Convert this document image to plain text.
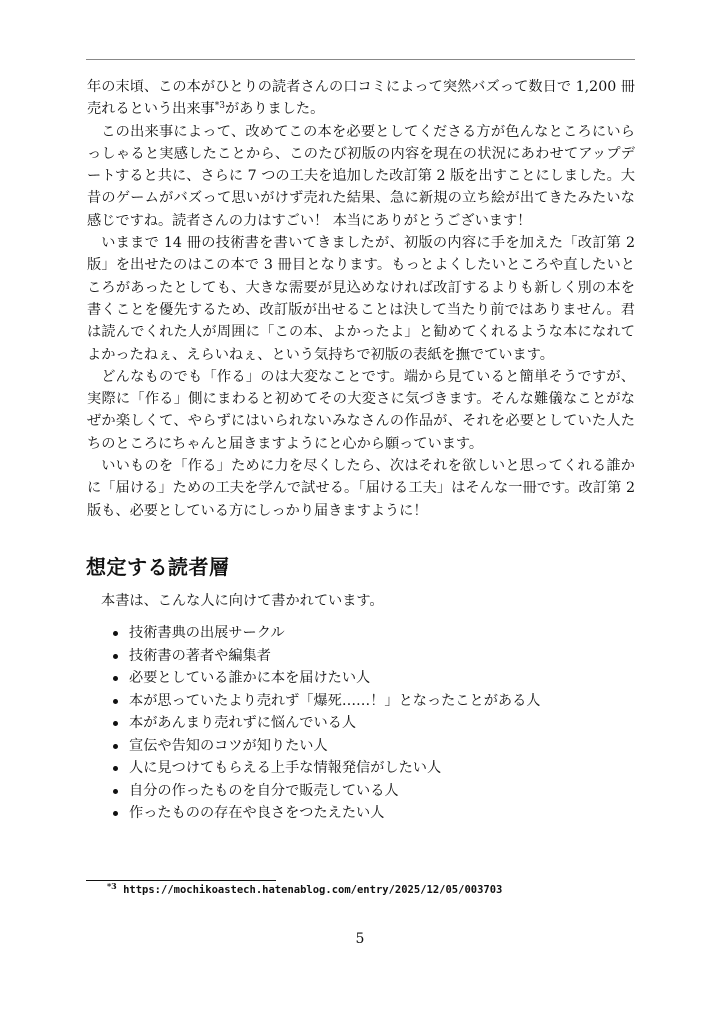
年の末頃、この本がひとりの読者さんの口コミによって突然バズって数日で 1,200 冊売れるという出来事$^{*3}$がありました。

この出来事によって、改めてこの本を必要としてくださる方が色んなところにいらっしゃると実感したことから、このたび初版の内容を現在の状況にあわせてアップデートすると共に、さらに 7 つの工夫を追加した改訂第 2 版を出すことにしました。大昔のゲームがバズって思いがけず売れた結果、急に新規の立ち絵が出てきたみたいな感じですね。読者さんの力はすごい！ 本当にありがとうございます！

いままで 14 冊の技術書を書いてきましたが、初版の内容に手を加えた「改訂第 2 版」を出せたのはこの本で 3 冊目となります。もっとよくしたいところや直したいところがあったとしても、大きな需要が見込めなければ改訂するよりも新しく別の本を書くことを優先するため、改訂版が出せることは決して当たり前ではありません。君は読んでくれた人が周囲に「この本、よかったよ」と勧めてくれるような本になれてよかったねぇ、えらいねぇ、という気持ちで初版の表紙を撫でています。

どんなものでも「作る」のは大変なことです。端から見ていると簡単そうですが、実際に「作る」側にまわると初めてその大変さに気づきます。そんな難儀なことがなぜか楽しくて、やらずにはいられないみなさんの作品が、それを必要としていた人たちのところにちゃんと届きますようにと心から願っています。

いいものを「作る」ために力を尽くしたら、次はそれを欲しいと思ってくれる誰かに「届ける」ための工夫を学んで試せる。「届ける工夫」はそんな一冊です。改訂第 2 版も、必要としている方にしっかり届きますように！

想定する読者層
本書は、こんな人に向けて書かれています。
技術書典の出展サークル
技術書の著者や編集者
必要としている誰かに本を届けたい人
本が思っていたより売れず「爆死……！」となったことがある人
本があんまり売れずに悩んでいる人
宣伝や告知のコツが知りたい人
人に見つけてもらえる上手な情報発信がしたい人
自分の作ったものを自分で販売している人
作ったものの存在や良さをつたえたい人
$^{*3}$ https://mochikoastech.hatenablog.com/entry/2025/12/05/003703
5
